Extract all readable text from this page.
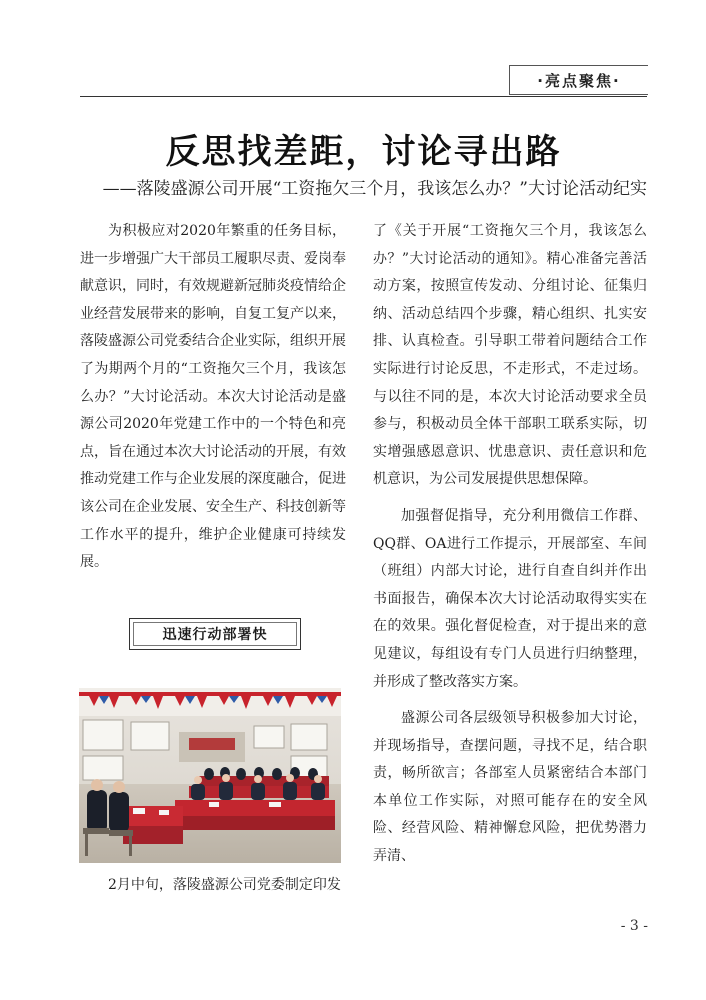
·亮点聚焦·
反思找差距，讨论寻出路
——落陵盛源公司开展“工资拖欠三个月，我该怎么办？”大讨论活动纪实

为积极应对2020年繁重的任务目标，进一步增强广大干部员工履职尽责、爱岗奉献意识，同时，有效规避新冠肺炎疫情给企业经营发展带来的影响，自复工复产以来，落陵盛源公司党委结合企业实际，组织开展了为期两个月的“工资拖欠三个月，我该怎么办？”大讨论活动。本次大讨论活动是盛源公司2020年党建工作中的一个特色和亮点，旨在通过本次大讨论活动的开展，有效推动党建工作与企业发展的深度融合，促进该公司在企业发展、安全生产、科技创新等工作水平的提升，维护企业健康可持续发展。

迅速行动部署快
2月中旬，落陵盛源公司党委制定印发

了《关于开展“工资拖欠三个月，我该怎么办？”大讨论活动的通知》。精心准备完善活动方案，按照宣传发动、分组讨论、征集归纳、活动总结四个步骤，精心组织、扎实安排、认真检查。引导职工带着问题结合工作实际进行讨论反思，不走形式，不走过场。与以往不同的是，本次大讨论活动要求全员参与，积极动员全体干部职工联系实际，切实增强感恩意识、忧患意识、责任意识和危机意识，为公司发展提供思想保障。

加强督促指导，充分利用微信工作群、QQ群、OA进行工作提示，开展部室、车间（班组）内部大讨论，进行自查自纠并作出书面报告，确保本次大讨论活动取得实实在在的效果。强化督促检查，对于提出来的意见建议，每组设有专门人员进行归纳整理，并形成了整改落实方案。

盛源公司各层级领导积极参加大讨论，并现场指导，查摆问题，寻找不足，结合职责，畅所欲言；各部室人员紧密结合本部门本单位工作实际，对照可能存在的安全风险、经营风险、精神懈怠风险，把优势潜力弄清、

- 3 -
